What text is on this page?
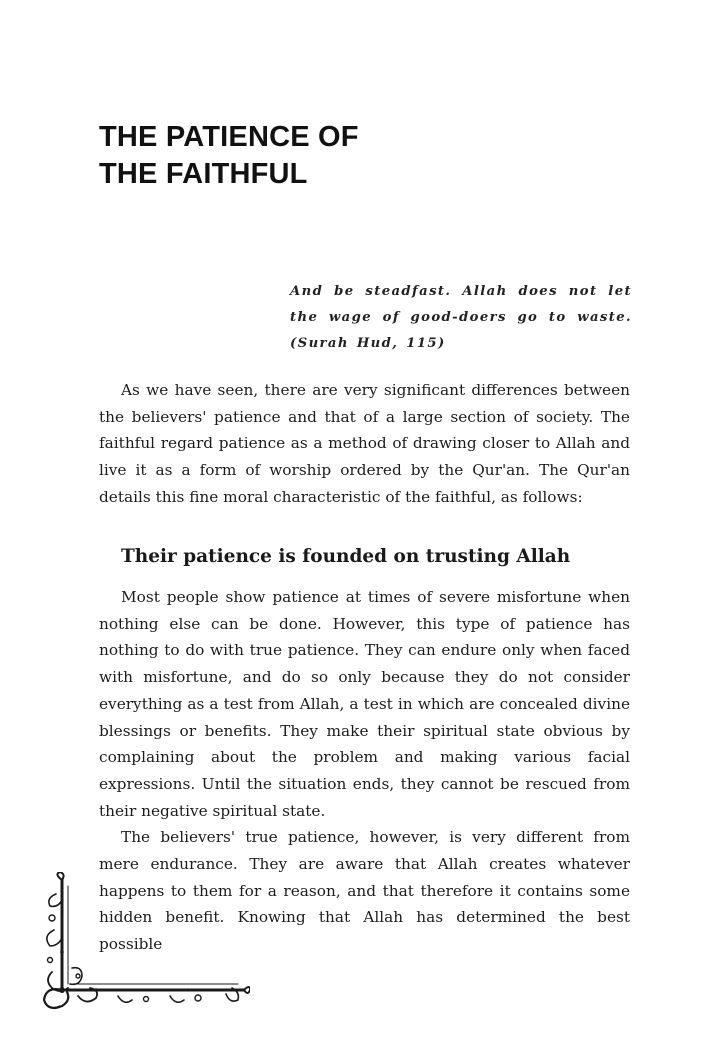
THE PATIENCE OF
THE FAITHFUL

And be steadfast. Allah does not let the wage of good-doers go to waste. (Surah Hud, 115)

As we have seen, there are very significant differences between the believers' patience and that of a large section of society. The faithful regard patience as a method of drawing closer to Allah and live it as a form of worship ordered by the Qur'an. The Qur'an details this fine moral characteristic of the faithful, as follows:

Their patience is founded on trusting Allah

Most people show patience at times of severe misfortune when nothing else can be done. However, this type of patience has nothing to do with true patience. They can endure only when faced with misfortune, and do so only because they do not consider everything as a test from Allah, a test in which are concealed divine blessings or benefits. They make their spiritual state obvious by complaining about the problem and making various facial expressions. Until the situation ends, they cannot be rescued from their negative spiritual state.

The believers' true patience, however, is very different from mere endurance. They are aware that Allah creates whatever happens to them for a reason, and that therefore it contains some hidden benefit. Knowing that Allah has determined the best possible
